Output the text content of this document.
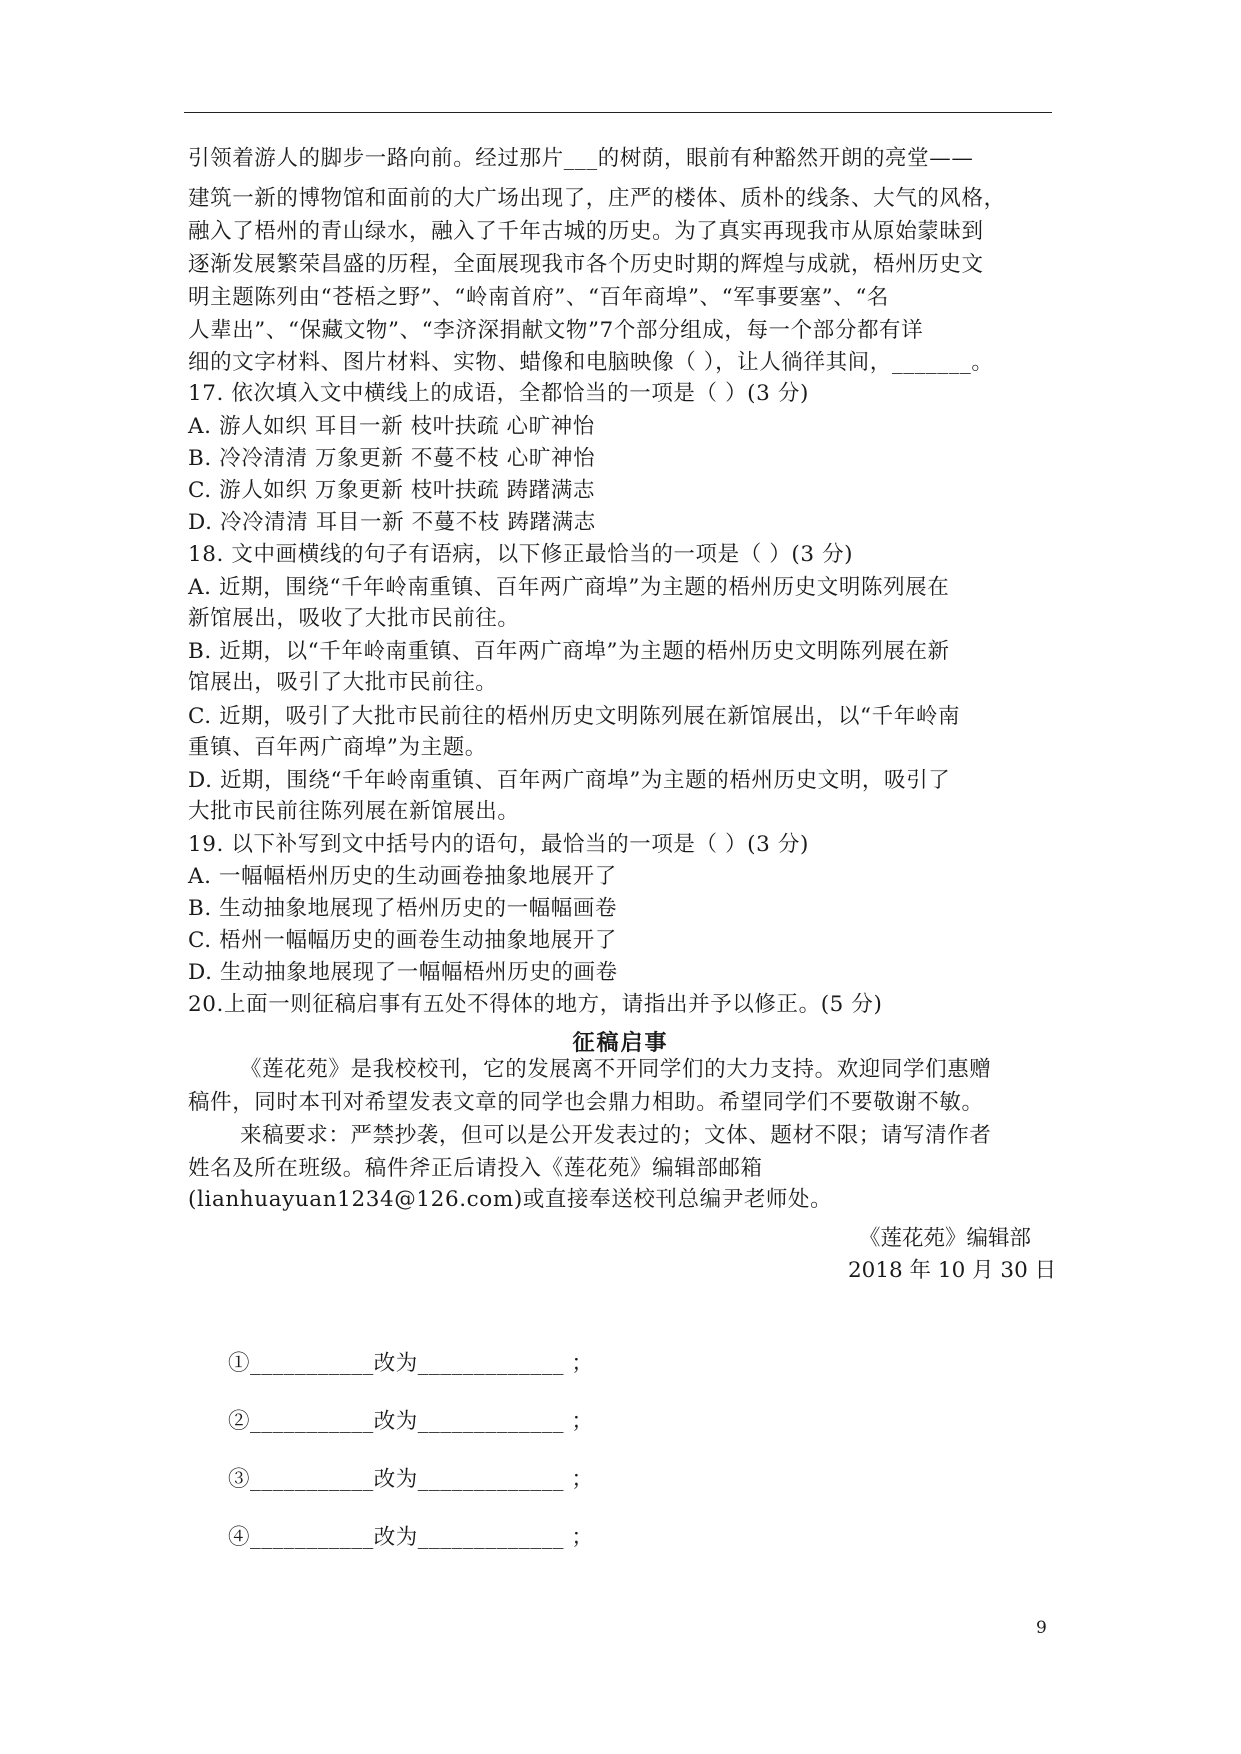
引领着游人的脚步一路向前。经过那片___的树荫，眼前有种豁然开朗的亮堂——
建筑一新的博物馆和面前的大广场出现了，庄严的楼体、质朴的线条、大气的风格，
融入了梧州的青山绿水，融入了千年古城的历史。为了真实再现我市从原始蒙昧到
逐渐发展繁荣昌盛的历程，全面展现我市各个历史时期的辉煌与成就，梧州历史文
明主题陈列由“苍梧之野”、“岭南首府”、“百年商埠”、“军事要塞”、“名
人辈出”、“保藏文物”、“李济深捐献文物”7个部分组成，每一个部分都有详
细的文字材料、图片材料、实物、蜡像和电脑映像（ ），让人徜徉其间，_______。
17. 依次填入文中横线上的成语，全都恰当的一项是（ ）(3 分)
A. 游人如织 耳目一新 枝叶扶疏 心旷神怡
B. 冷冷清清 万象更新 不蔓不枝 心旷神怡
C. 游人如织 万象更新 枝叶扶疏 踌躇满志
D. 冷冷清清 耳目一新 不蔓不枝 踌躇满志
18. 文中画横线的句子有语病，以下修正最恰当的一项是（ ）(3 分)
A. 近期，围绕“千年岭南重镇、百年两广商埠”为主题的梧州历史文明陈列展在
新馆展出，吸收了大批市民前往。
B. 近期，以“千年岭南重镇、百年两广商埠”为主题的梧州历史文明陈列展在新
馆展出，吸引了大批市民前往。
C. 近期，吸引了大批市民前往的梧州历史文明陈列展在新馆展出，以“千年岭南
重镇、百年两广商埠”为主题。
D. 近期，围绕“千年岭南重镇、百年两广商埠”为主题的梧州历史文明，吸引了
大批市民前往陈列展在新馆展出。
19. 以下补写到文中括号内的语句，最恰当的一项是（ ）(3 分)
A. 一幅幅梧州历史的生动画卷抽象地展开了
B. 生动抽象地展现了梧州历史的一幅幅画卷
C. 梧州一幅幅历史的画卷生动抽象地展开了
D. 生动抽象地展现了一幅幅梧州历史的画卷
20.上面一则征稿启事有五处不得体的地方，请指出并予以修正。(5 分)
征稿启事
《莲花苑》是我校校刊，它的发展离不开同学们的大力支持。欢迎同学们惠赠
稿件，同时本刊对希望发表文章的同学也会鼎力相助。希望同学们不要敬谢不敏。
来稿要求：严禁抄袭，但可以是公开发表过的；文体、题材不限；请写清作者
姓名及所在班级。稿件斧正后请投入《莲花苑》编辑部邮箱
(lianhuayuan1234@126.com)或直接奉送校刊总编尹老师处。
《莲花苑》编辑部
2018 年 10 月 30 日
①___________改为_____________ ；
②___________改为_____________ ；
③___________改为_____________ ；
④___________改为_____________ ；
9
